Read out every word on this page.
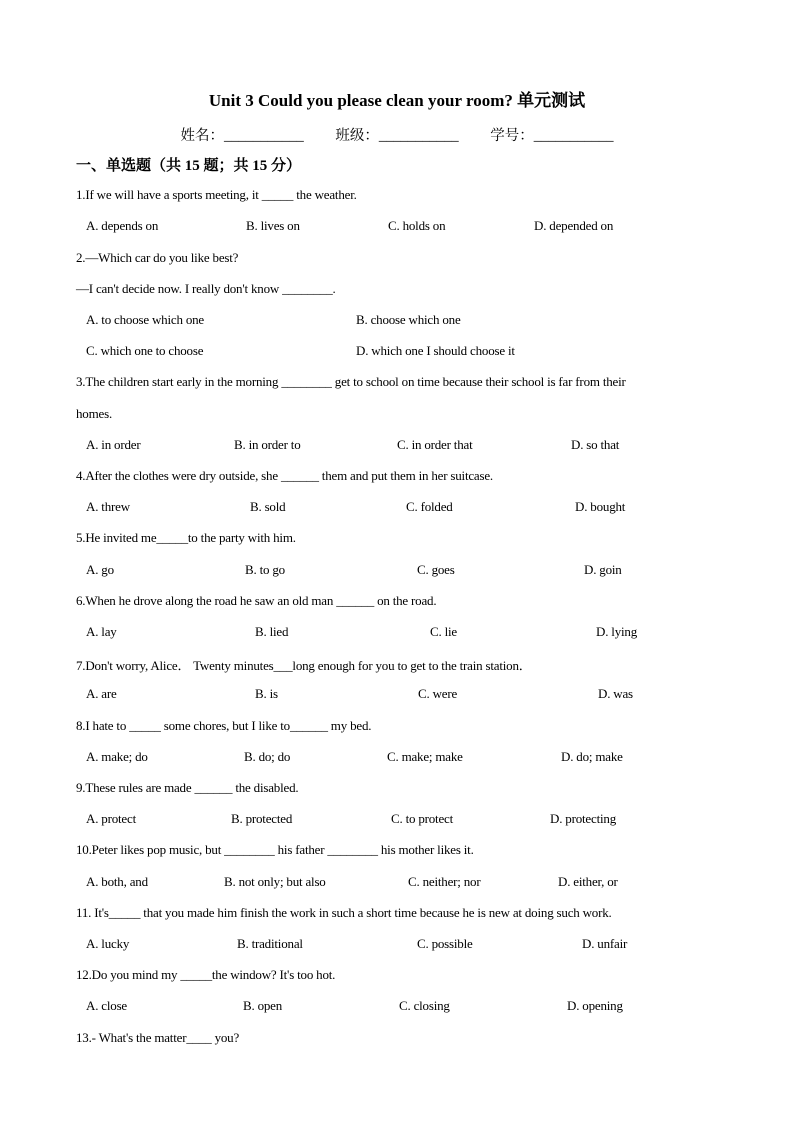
Unit 3 Could you please clean your room? 单元测试
姓名：___________ 班级：___________ 学号：___________
一、单选题（共 15 题；共 15 分）
1.If we will have a sports meeting, it _____ the weather.
A. depends on	B. lives on	C. holds on	D. depended on
2.—Which car do you like best?
—I can't decide now. I really don't know ________.
A. to choose which one	B. choose which one
C. which one to choose	D. which one I should choose it
3.The children start early in the morning ________ get to school on time because their school is far from their
homes.
A. in order	B. in order to	C. in order that	D. so that
4.After the clothes were dry outside, she ______ them and put them in her suitcase.
A. threw	B. sold	C. folded	D. bought
5.He invited me_____to the party with him.
A. go	B. to go	C. goes	D. goin
6.When he drove along the road he saw an old man ______ on the road.
A. lay	B. lied	C. lie	D. lying
7.Don't worry, Alice． Twenty minutes___long enough for you to get to the train station．
A. are	B. is	C. were	D. was
8.I hate to _____ some chores, but I like to______ my bed.
A. make; do	B. do; do	C. make; make	D. do; make
9.These rules are made ______ the disabled.
A. protect	B. protected	C. to protect	D. protecting
10.Peter likes pop music, but ________ his father ________ his mother likes it.
A. both, and	B. not only; but also	C. neither; nor	D. either, or
11. It's_____ that you made him finish the work in such a short time because he is new at doing such work.
A. lucky	B. traditional	C. possible	D. unfair
12.Do you mind my _____the window? It's too hot.
A. close	B. open	C. closing	D. opening
13.- What's the matter____ you?
